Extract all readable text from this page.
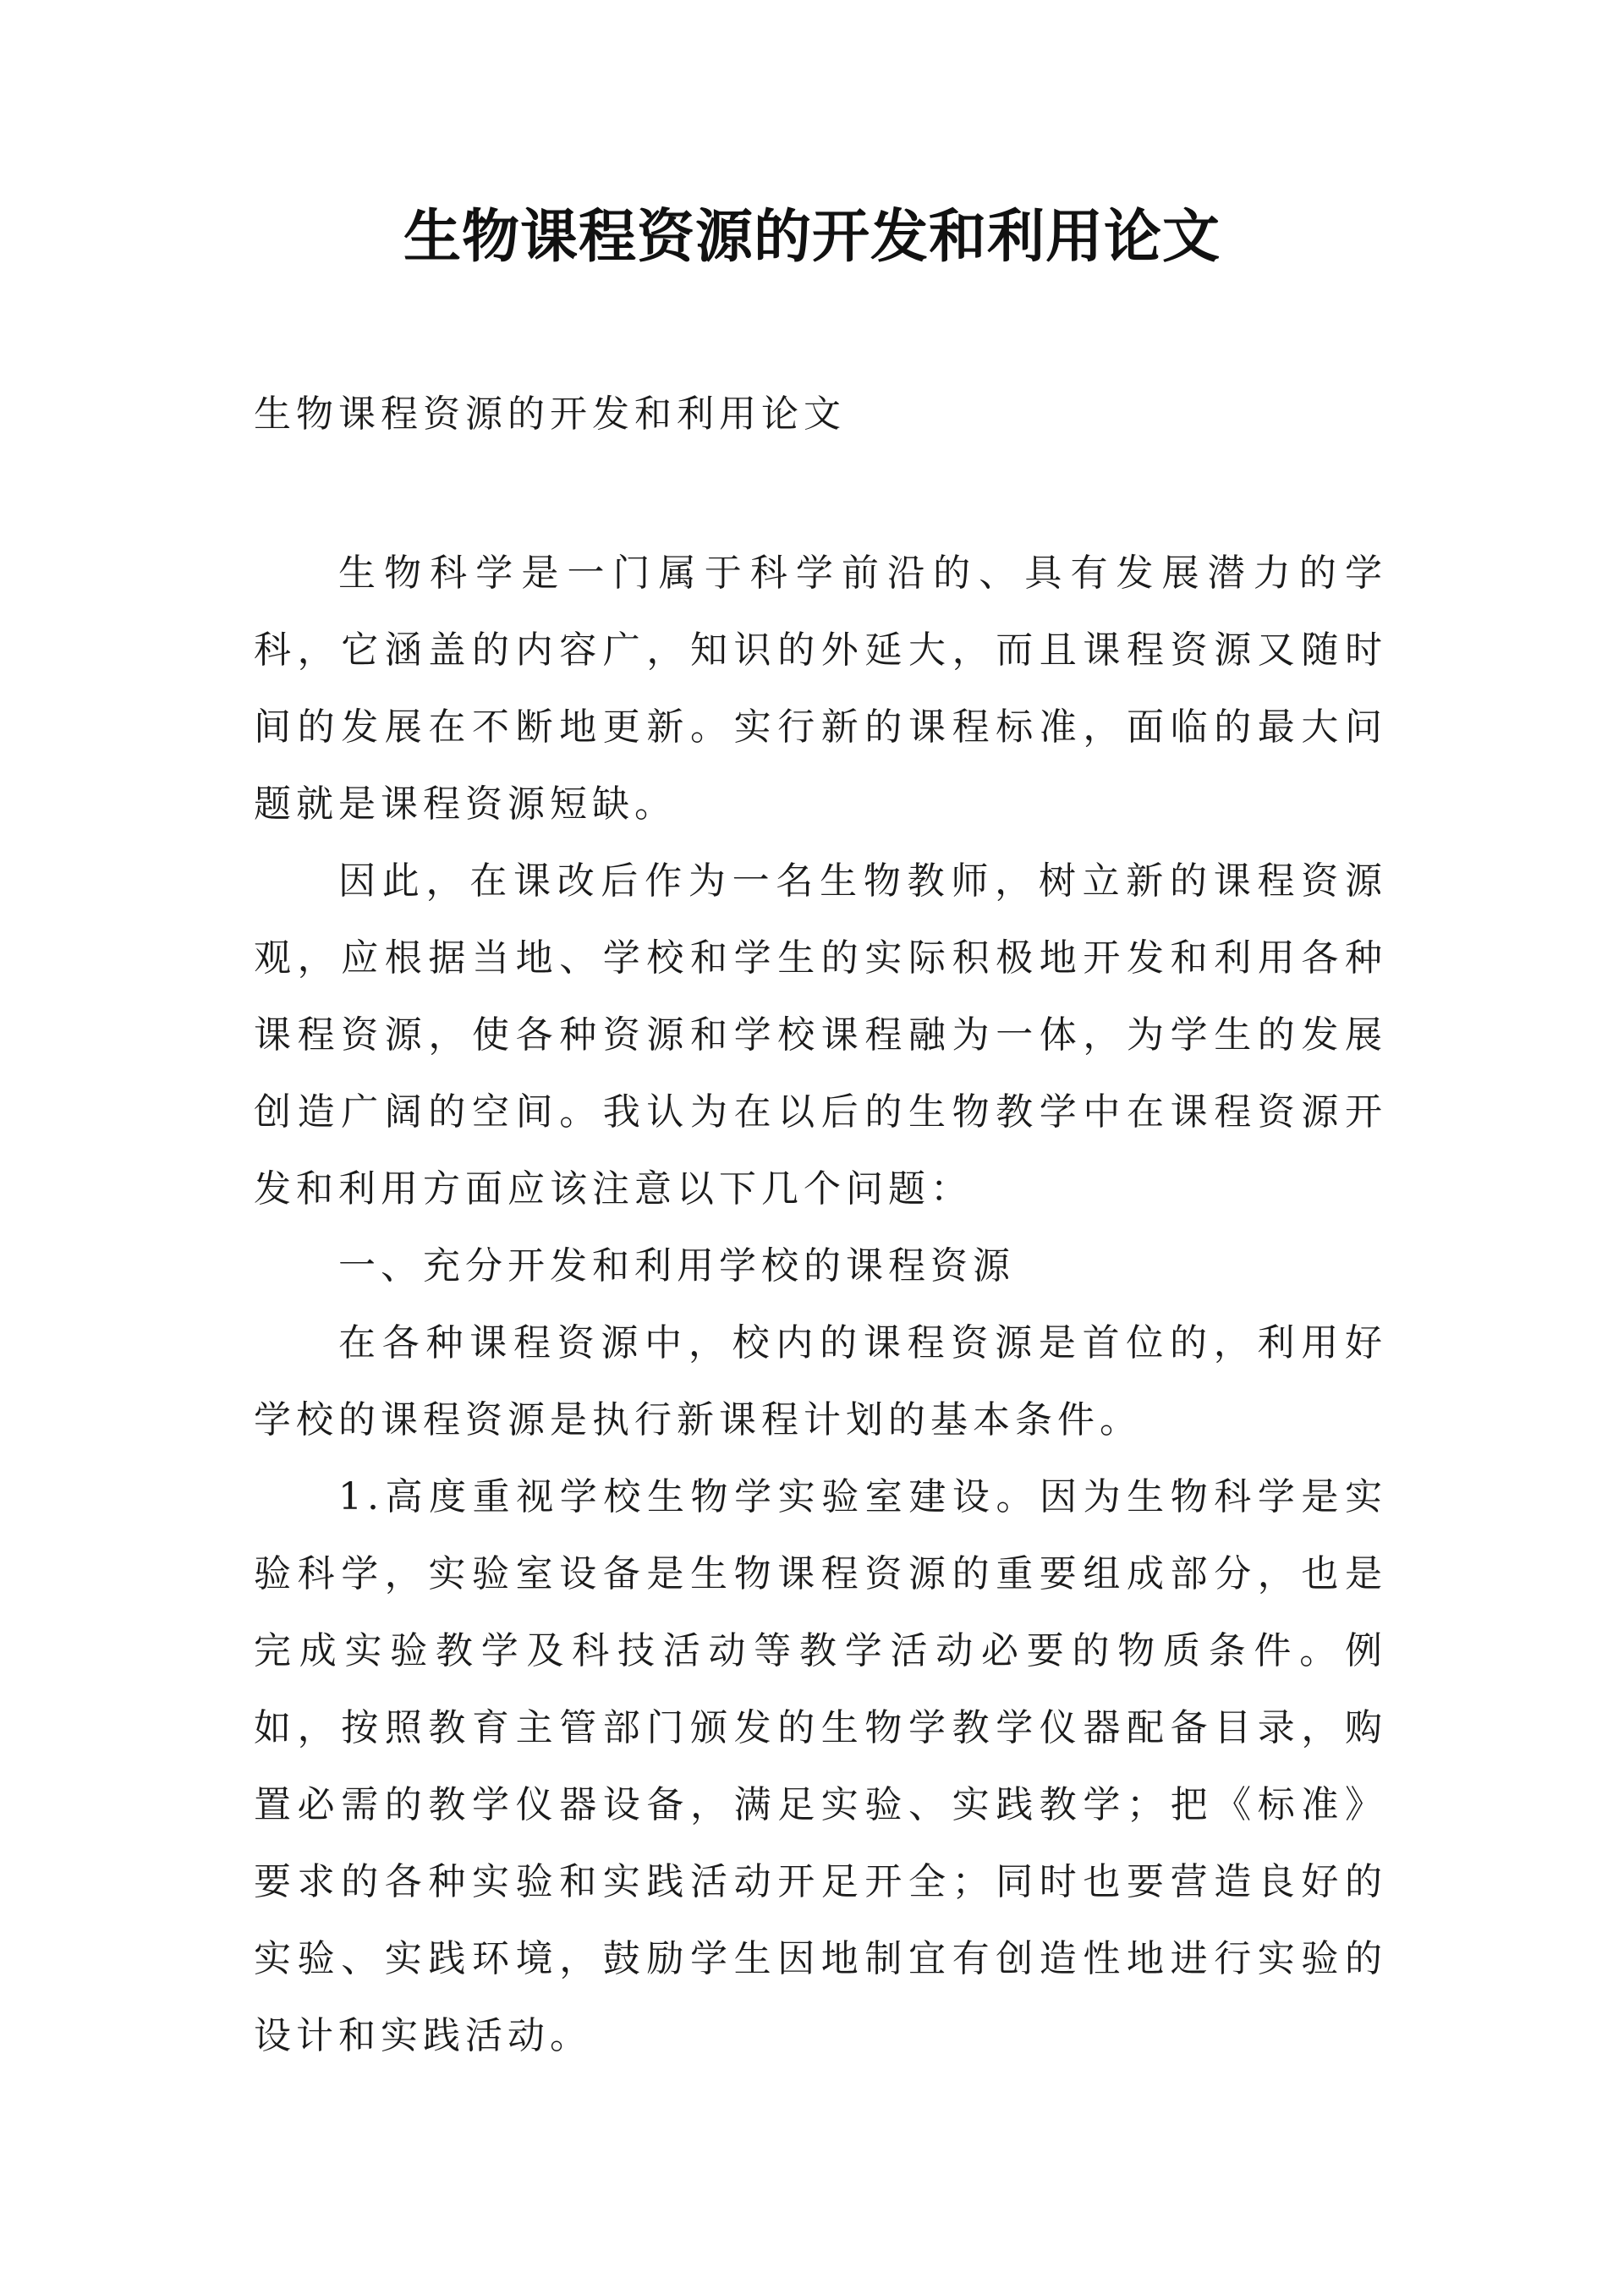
生物课程资源的开发和利用论文
生物课程资源的开发和利用论文

生物科学是一门属于科学前沿的、具有发展潜力的学科，它涵盖的内容广，知识的外延大，而且课程资源又随时间的发展在不断地更新。实行新的课程标准，面临的最大问题就是课程资源短缺。

因此，在课改后作为一名生物教师，树立新的课程资源观，应根据当地、学校和学生的实际积极地开发和利用各种课程资源，使各种资源和学校课程融为一体，为学生的发展创造广阔的空间。我认为在以后的生物教学中在课程资源开发和利用方面应该注意以下几个问题：

一、充分开发和利用学校的课程资源

在各种课程资源中，校内的课程资源是首位的，利用好学校的课程资源是执行新课程计划的基本条件。

1.高度重视学校生物学实验室建设。因为生物科学是实验科学，实验室设备是生物课程资源的重要组成部分，也是完成实验教学及科技活动等教学活动必要的物质条件。例如，按照教育主管部门颁发的生物学教学仪器配备目录，购置必需的教学仪器设备，满足实验、实践教学；把《标准》要求的各种实验和实践活动开足开全；同时也要营造良好的实验、实践环境，鼓励学生因地制宜有创造性地进行实验的设计和实践活动。
